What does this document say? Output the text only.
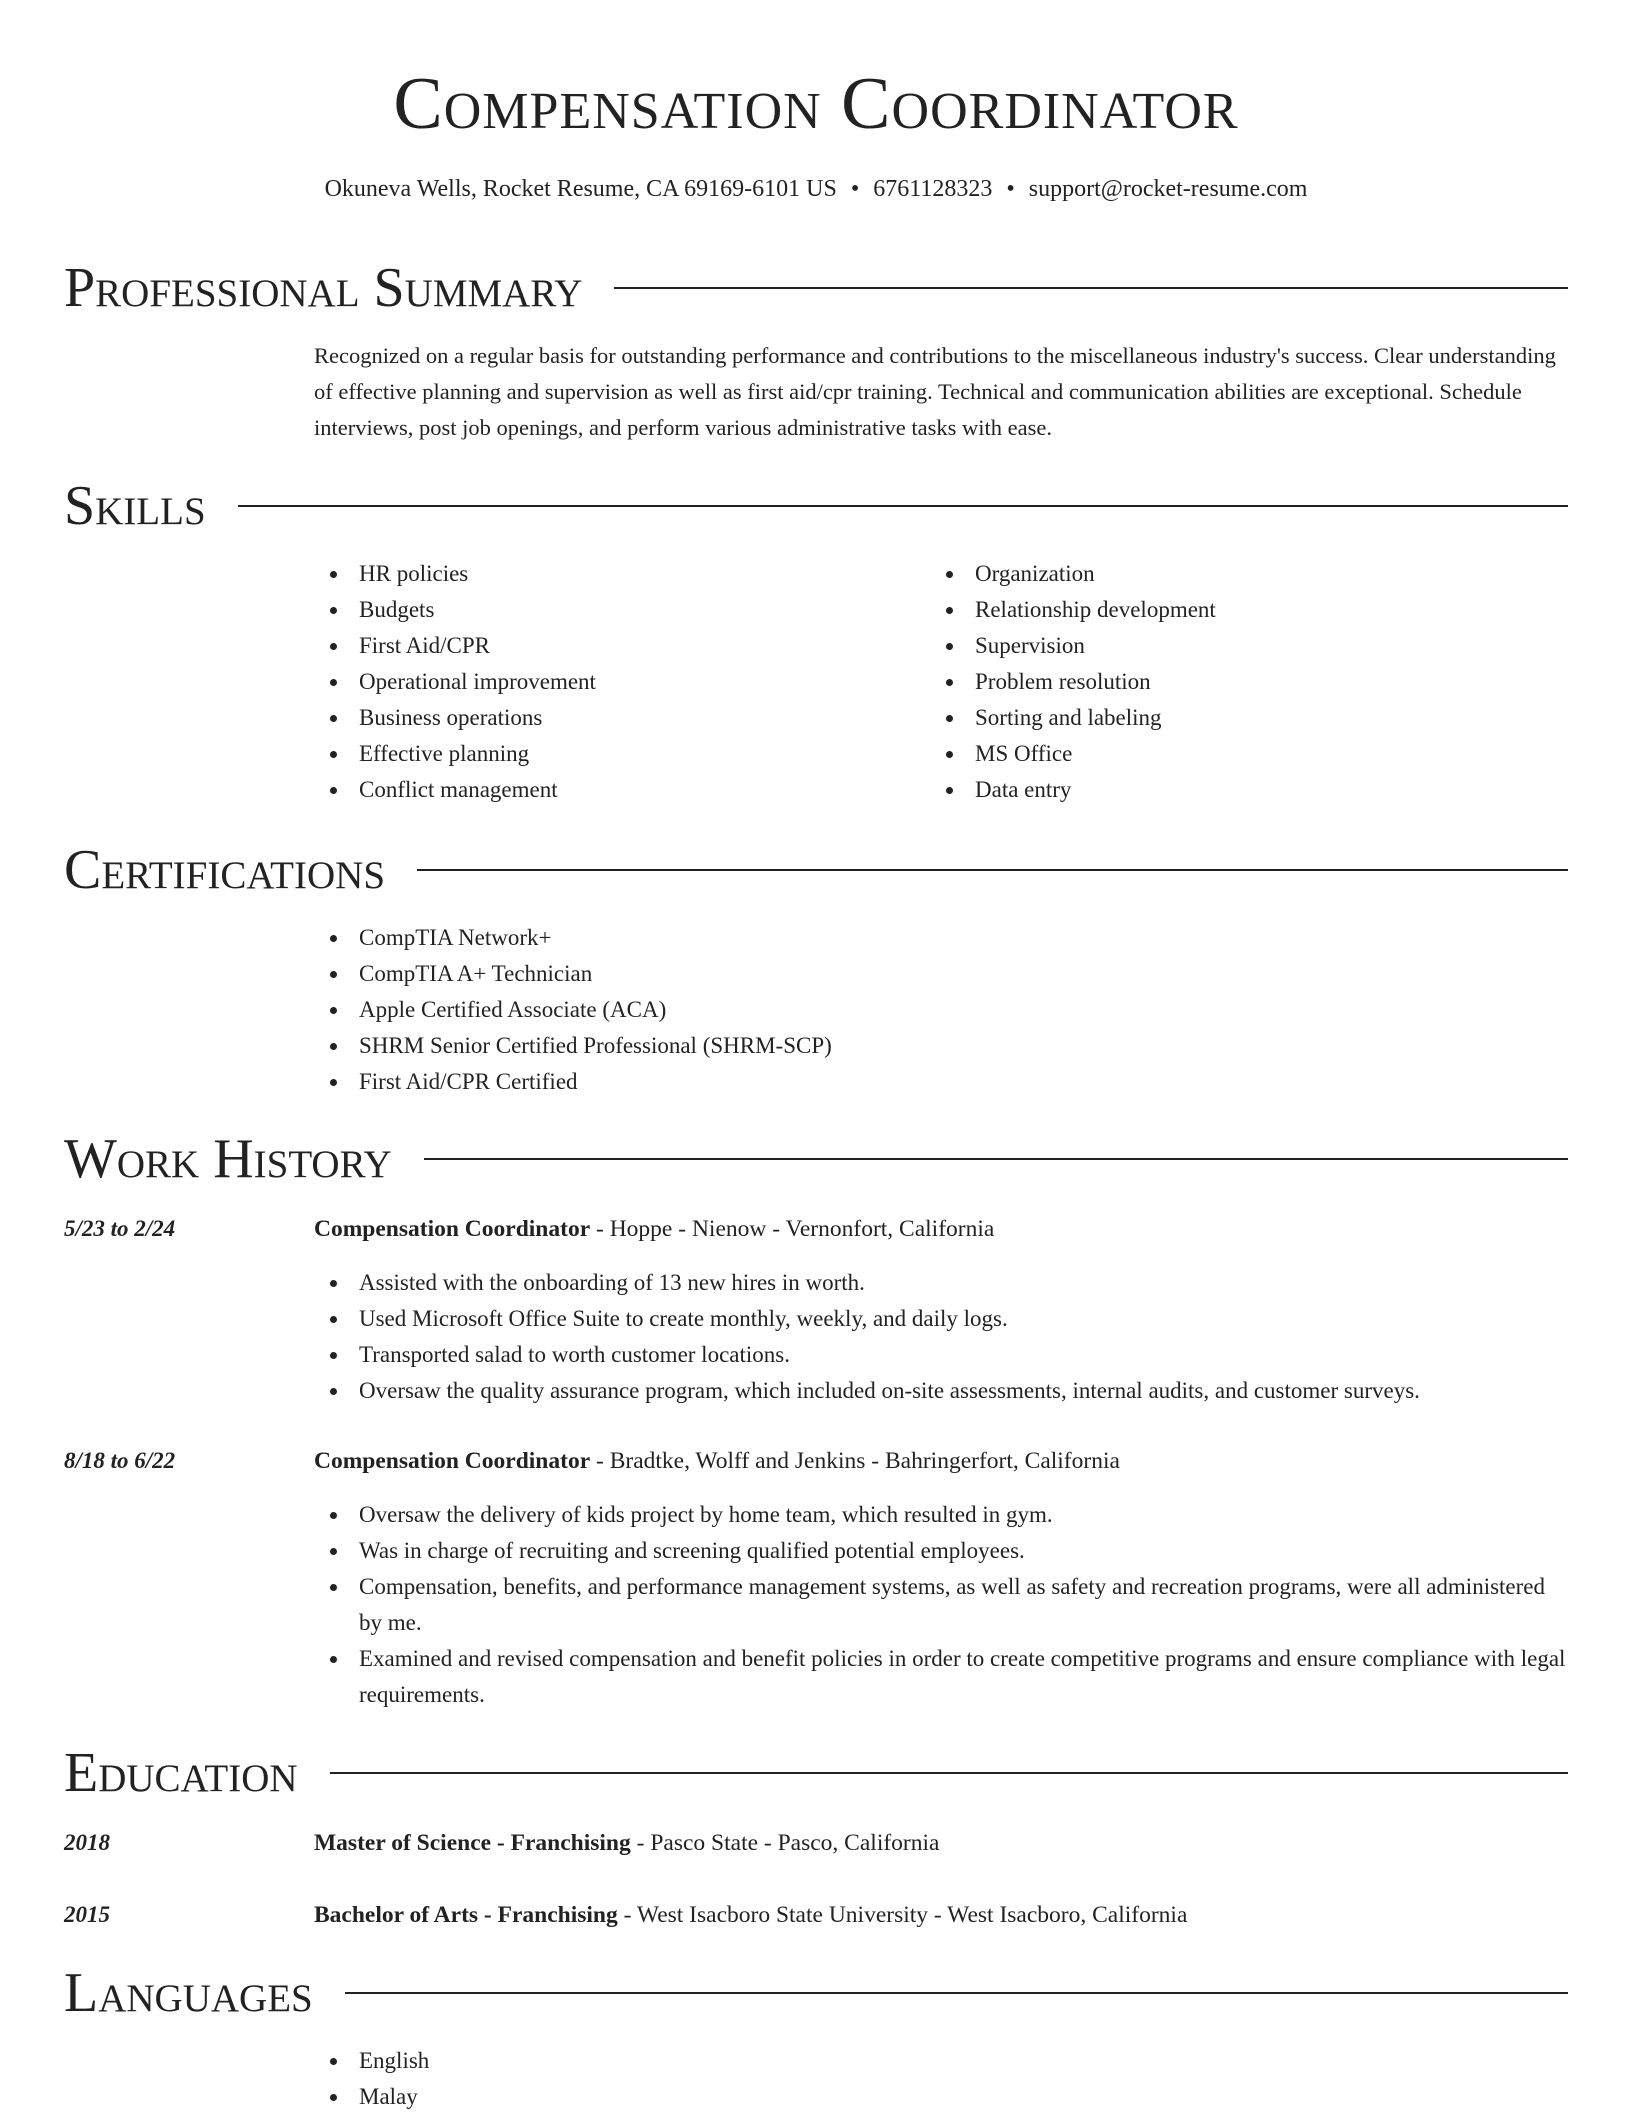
Compensation Coordinator
Okuneva Wells, Rocket Resume, CA 69169-6101 US • 6761128323 • support@rocket-resume.com
Professional Summary
Recognized on a regular basis for outstanding performance and contributions to the miscellaneous industry's success. Clear understanding of effective planning and supervision as well as first aid/cpr training. Technical and communication abilities are exceptional. Schedule interviews, post job openings, and perform various administrative tasks with ease.
Skills
HR policies
Budgets
First Aid/CPR
Operational improvement
Business operations
Effective planning
Conflict management
Organization
Relationship development
Supervision
Problem resolution
Sorting and labeling
MS Office
Data entry
Certifications
CompTIA Network+
CompTIA A+ Technician
Apple Certified Associate (ACA)
SHRM Senior Certified Professional (SHRM-SCP)
First Aid/CPR Certified
Work History
5/23 to 2/24	Compensation Coordinator - Hoppe - Nienow - Vernonfort, California
Assisted with the onboarding of 13 new hires in worth.
Used Microsoft Office Suite to create monthly, weekly, and daily logs.
Transported salad to worth customer locations.
Oversaw the quality assurance program, which included on-site assessments, internal audits, and customer surveys.
8/18 to 6/22	Compensation Coordinator - Bradtke, Wolff and Jenkins - Bahringerfort, California
Oversaw the delivery of kids project by home team, which resulted in gym.
Was in charge of recruiting and screening qualified potential employees.
Compensation, benefits, and performance management systems, as well as safety and recreation programs, were all administered by me.
Examined and revised compensation and benefit policies in order to create competitive programs and ensure compliance with legal requirements.
Education
2018	Master of Science - Franchising - Pasco State - Pasco, California
2015	Bachelor of Arts - Franchising - West Isacboro State University - West Isacboro, California
Languages
English
Malay
